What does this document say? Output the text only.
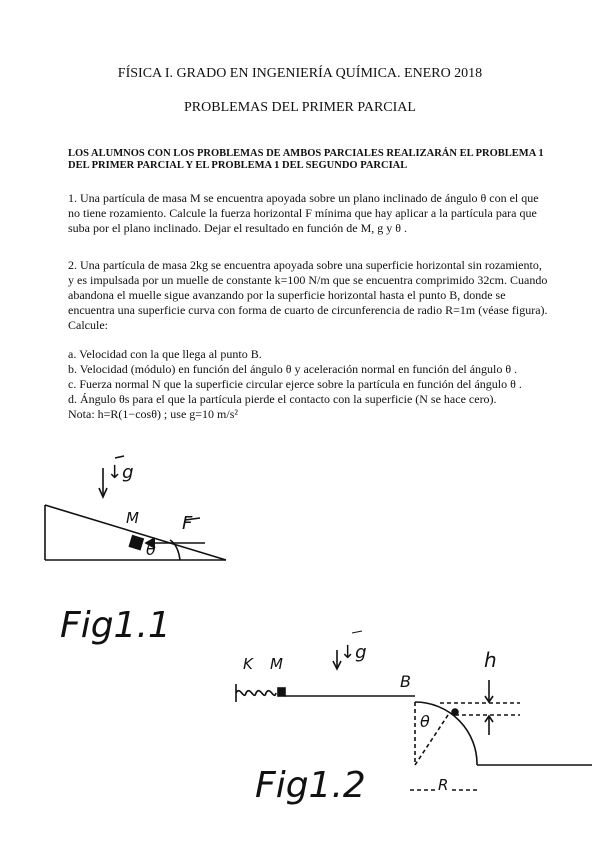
FÍSICA I. GRADO EN INGENIERÍA QUÍMICA. ENERO 2018
PROBLEMAS DEL PRIMER PARCIAL
LOS ALUMNOS CON LOS PROBLEMAS DE AMBOS PARCIALES REALIZARÁN EL PROBLEMA 1 DEL PRIMER PARCIAL Y EL PROBLEMA 1 DEL SEGUNDO PARCIAL
1. Una partícula de masa M se encuentra apoyada sobre un plano inclinado de ángulo θ con el que no tiene rozamiento. Calcule la fuerza horizontal F mínima que hay aplicar a la partícula para que suba por el plano inclinado. Dejar el resultado en función de M, g y θ .

2. Una partícula de masa 2kg se encuentra apoyada sobre una superficie horizontal sin rozamiento, y es impulsada por un muelle de constante k=100 N/m que se encuentra comprimido 32cm. Cuando abandona el muelle sigue avanzando por la superficie horizontal hasta el punto B, donde se encuentra una superficie curva con forma de cuarto de circunferencia de radio R=1m (véase figura). Calcule:

a. Velocidad con la que llega al punto B.

b. Velocidad (módulo) en función del ángulo θ y aceleración normal en función del ángulo θ .

c. Fuerza normal N que la superficie circular ejerce sobre la partícula en función del ángulo θ .

d. Ángulo θs para el que la partícula pierde el contacto con la superficie (N se hace cero).

Nota: h=R(1−cosθ) ; use g=10 m/s²

↓g
M F
θ
Fig1.1
K M
↓g
B
h
θ
R
Fig1.2
